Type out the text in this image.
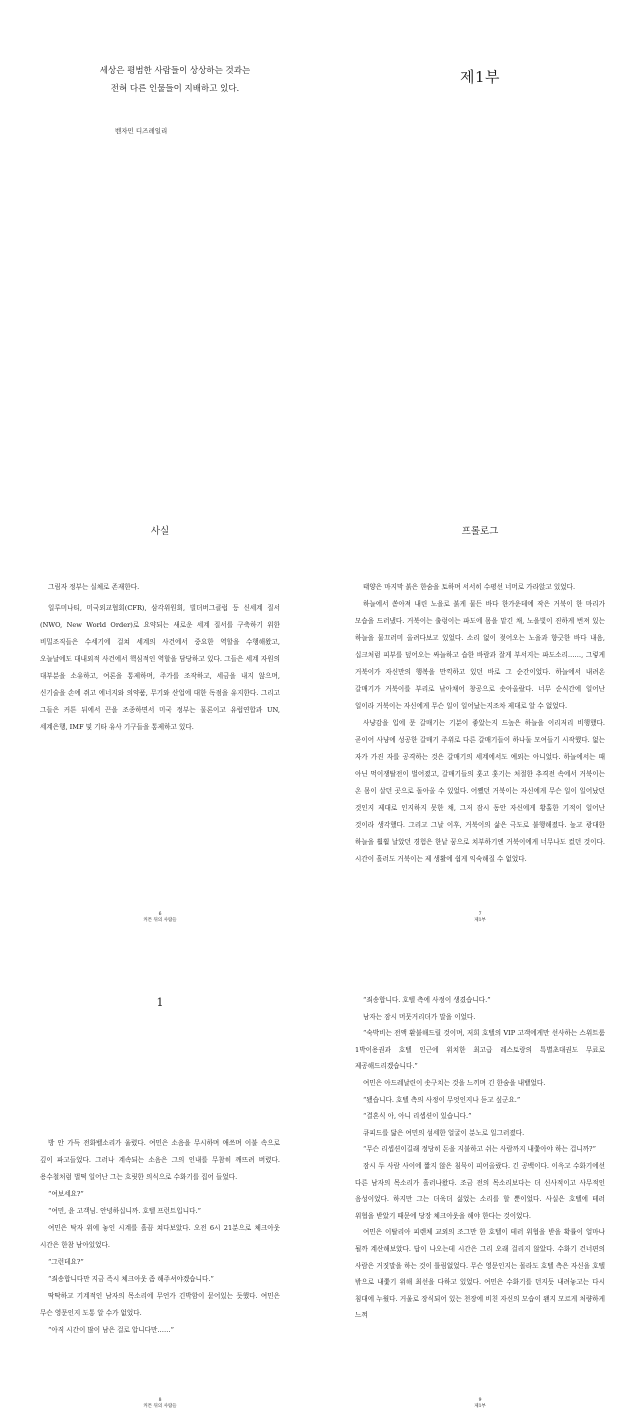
세상은 평범한 사람들이 상상하는 것과는
전혀 다른 인물들이 지배하고 있다.
벤자민 디즈레일리
제1부
사실

그림자 정부는 실체로 존재한다.

일루미나티, 미국외교협회(CFR), 삼각위원회, 빌더버그클럽 등 신세계 질서(NWO, New World Order)로 요약되는 새로운 세계 질서를 구축하기 위한 비밀조직들은 수세기에 걸쳐 세계의 사건에서 중요한 역할을 수행해왔고, 오늘날에도 대내외적 사건에서 핵심적인 역할을 담당하고 있다. 그들은 세계 자원의 대부분을 소유하고, 여론을 통제하며, 주가를 조작하고, 세금을 내지 않으며, 신기술을 손에 쥐고 에너지와 의약품, 무기와 산업에 대한 독점을 유지한다. 그리고 그들은 커튼 뒤에서 끈을 조종하면서 미국 정부는 물론이고 유럽연합과 UN, 세계은행, IMF 및 기타 유사 기구들을 통제하고 있다.

6
커튼 뒤의 사람들
프롤로그

태양은 마지막 붉은 한숨을 토하며 서서히 수평선 너머로 가라앉고 있었다.

하늘에서 쏟아져 내린 노을로 붉게 물든 바다 한가운데에 작은 거북이 한 마리가 모습을 드러냈다. 거북이는 출렁이는 파도에 몸을 맡긴 채, 노을빛이 진하게 번져 있는 하늘을 물끄러미 올려다보고 있었다. 소리 없이 젖어오는 노을과 향긋한 바다 내음, 십크처럼 피부를 덮어오는 싸늘하고 습한 바람과 잘게 부서지는 파도소리……, 그렇게 거북이가 자신만의 행복을 만끽하고 있던 바로 그 순간이었다. 하늘에서 내려온 갈매기가 거북이를 부리로 낚아채어 창공으로 솟아올랐다. 너무 순식간에 일어난 일이라 거북이는 자신에게 무슨 일이 일어났는지조차 제대로 알 수 없었다.

사냥감을 입에 문 갈매기는 기분이 좋았는지 드높은 하늘을 이리저리 비행했다. 곧이어 사냥에 성공한 갈매기 주위로 다른 갈매기들이 하나둘 모여들기 시작했다. 없는 자가 가진 자를 공격하는 것은 갈매기의 세계에서도 예외는 아니었다. 하늘에서는 때 아닌 먹이쟁탈전이 벌어졌고, 갈매기들의 훗고 훗기는 처절한 추격전 속에서 거북이는 온 몸이 살던 곳으로 돌아올 수 있었다. 어쨌던 거북이는 자신에게 무슨 일이 일어났던 것인지 제대로 인지하지 못한 채, 그저 잠시 동안 자신에게 황홀한 기적이 일어난 것이라 생각했다. 그리고 그날 이후, 거북이의 삶은 극도로 불행해졌다. 높고 광대한 하늘을 훨훨 날았던 경험은 한낱 꿈으로 치부하기엔 거북이에게 너무나도 컸던 것이다. 시간이 흘러도 거북이는 제 생활에 쉽게 익숙해질 수 없었다.

7
제1부
1

방 안 가득 전화벨소리가 울렸다. 여민은 소음을 무시하며 애쓰며 이불 속으로 깊이 파고들었다. 그러나 계속되는 소음은 그의 인내를 무참히 깨뜨려 버렸다. 용수철처럼 벌떡 일어난 그는 흐릿한 의식으로 수화기를 집어 들었다.

“여보세요?”

“여민, 윤 고객님. 안녕하십니까. 호텔 프런트입니다.”

여민은 탁자 위에 놓인 시계를 흘끔 쳐다보았다. 오전 6시 21분으로 체크아웃 시간은 한참 남아있었다.

“그런데요?”

“죄송합니다만 지금 즉시 체크아웃 좀 해주셔야겠습니다.”

딱딱하고 기계적인 남자의 목소리에 무언가 긴박함이 묻어있는 듯했다. 여민은 무슨 영문인지 도통 알 수가 없었다.

“아직 시간이 많이 남은 걸로 압니다만……”

8
커튼 뒤의 사람들

“죄송합니다. 호텔 측에 사정이 생겼습니다.”

남자는 잠시 머뭇거리더가 말을 이었다.

“숙박비는 전액 환불해드릴 것이며, 저희 호텔의 VIP 고객에게만 선사하는 스위트룸 1박이용권과 호텔 인근에 위치한 최고급 레스토랑의 특별초대권도 무료로 제공해드리겠습니다.”

여민은 아드레날린이 솟구치는 것을 느끼며 긴 한숨을 내뱉었다.

“됐습니다. 호텔 측의 사정이 무엇인지나 듣고 싶군요.”

“결혼식 아, 아니 리셉션이 있습니다.”

큐피드를 닮은 여민의 섬세한 얼굴이 분노로 일그러졌다.

“무슨 리셉션이길래 정당히 돈을 지불하고 쉬는 사람까지 내쫓아야 하는 겁니까?”

잠시 두 사람 사이에 짧지 않은 침묵이 피어올랐다. 긴 공백이다. 이윽고 수화기에선 다른 남자의 목소리가 흘러나왔다. 조금 전의 목소리보다는 더 신사적이고 사무적인 음성이었다. 하지만 그는 더욱더 싫었는 소리를 할 뿐이었다. 사실은 호텔에 테러 위협을 받았기 때문에 당장 체크아웃을 해야 한다는 것이었다.

여민은 이탈리아 피렌체 교외의 조그만 한 호텔이 테러 위협을 받을 확률이 얼마나 될까 계산해보았다. 답이 나오는데 시간은 그리 오래 걸리지 않았다. 수화기 건너편의 사람은 거짓말을 하는 것이 틀림없었다. 무슨 영문인지는 몰라도 호텔 측은 자신을 호텔 밖으로 내쫓기 위해 최선을 다하고 있었다. 여민은 수화기를 던지듯 내려놓고는 다시 침대에 누웠다. 거울로 장식되어 있는 천장에 비친 자신의 모습이 왠지 모르게 처량하게 느껴

9
제1부
